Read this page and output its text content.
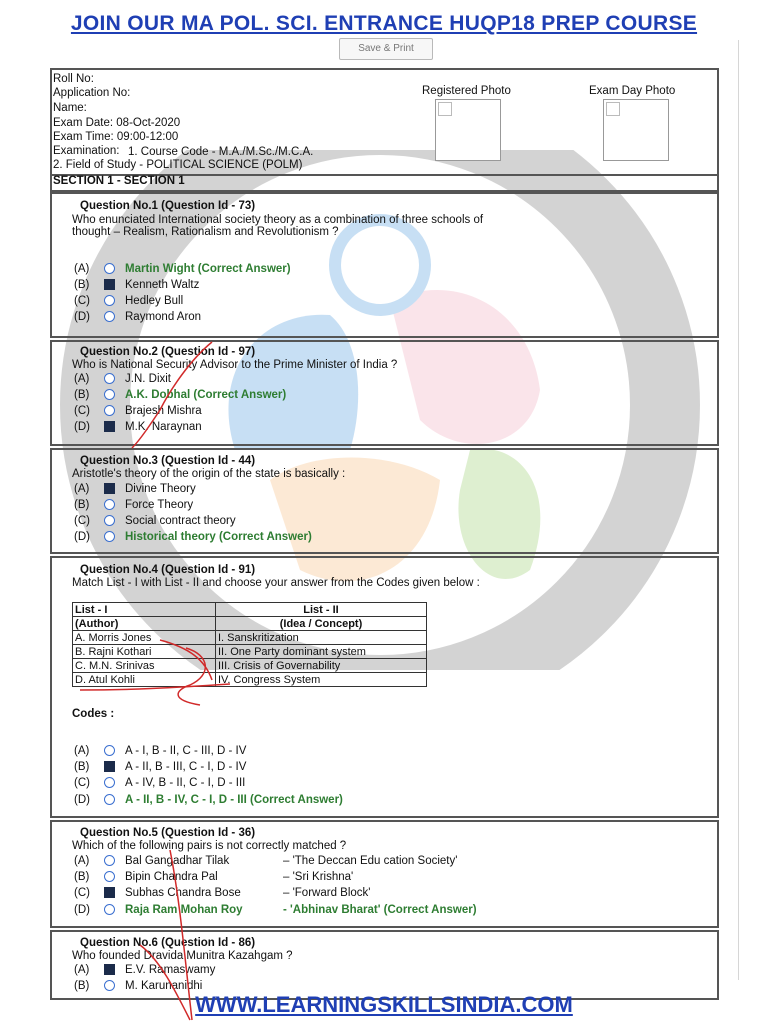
JOIN OUR MA POL. SCI. ENTRANCE HUQP18 PREP COURSE
Save & Print
Roll No:
Application No:
Name:
Exam Date: 08-Oct-2020
Exam Time: 09:00-12:00
Examination: 1. Course Code - M.A./M.Sc./M.C.A.
2. Field of Study - POLITICAL SCIENCE (POLM)
Registered Photo	Exam Day Photo
SECTION 1 - SECTION 1
Question No.1 (Question Id - 73)
Who enunciated International society theory as a combination of three schools of
thought – Realism, Rationalism and Revolutionism ?
(A)	Martin Wight (Correct Answer)
(B)	Kenneth Waltz
(C)	Hedley Bull
(D)	Raymond Aron
Question No.2 (Question Id - 97)
Who is National Security Advisor to the Prime Minister of India ?
(A)	J.N. Dixit
(B)	A.K. Dobhal (Correct Answer)
(C)	Brajesh Mishra
(D)	M.K. Naraynan
Question No.3 (Question Id - 44)
Aristotle's theory of the origin of the state is basically :
(A)	Divine Theory
(B)	Force Theory
(C)	Social contract theory
(D)	Historical theory (Correct Answer)
Question No.4 (Question Id - 91)
Match List - I with List - II and choose your answer from the Codes given below :
List - I	List - II
(Author)	(Idea / Concept)
A. Morris Jones	I. Sanskritization
B. Rajni Kothari	II. One Party dominant system
C. M.N. Srinivas	III. Crisis of Governability
D. Atul Kohli	IV. Congress System
Codes :
(A)	A - I, B - II, C - III, D - IV
(B)	A - II, B - III, C - I, D - IV
(C)	A - IV, B - II, C - I, D - III
(D)	A - II, B - IV, C - I, D - III (Correct Answer)
Question No.5 (Question Id - 36)
Which of the following pairs is not correctly matched ?
(A)	Bal Gangadhar Tilak	– 'The Deccan Edu cation Society'
(B)	Bipin Chandra Pal	– 'Sri Krishna'
(C)	Subhas Chandra Bose	– 'Forward Block'
(D)	Raja Ram Mohan Roy	- 'Abhinav Bharat' (Correct Answer)
Question No.6 (Question Id - 86)
Who founded Dravida Munitra Kazahgam ?
(A)	E.V. Ramaswamy
(B)	M. Karunanidhi
WWW.LEARNINGSKILLSINDIA.COM
